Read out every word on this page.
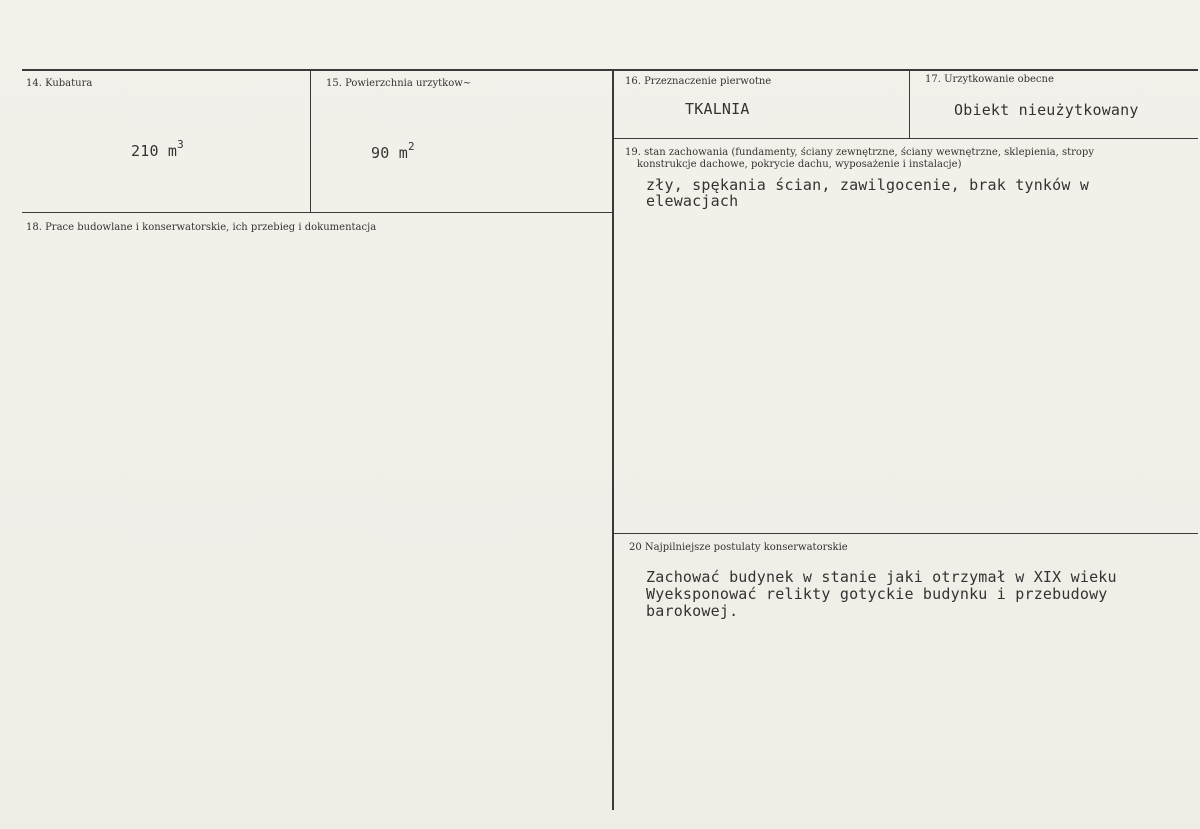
14. Kubatura
210 $m^3$
15. Powierzchnia urzytkow~
90 $m^2$
16. Przeznaczenie pierwotne
TKALNIA
17. Urzytkowanie obecne
Obiekt nieużytkowany
18. Prace budowlane i konserwatorskie, ich przebieg i dokumentacja
19. stan zachowania (fundamenty, ściany zewnętrzne, ściany wewnętrzne, sklepienia, stropy
konstrukcje dachowe, pokrycie dachu, wyposażenie i instalacje)
zły, spękania ścian, zawilgocenie, brak tynków w
elewacjach
20 Najpilniejsze postulaty konserwatorskie
Zachować budynek w stanie jaki otrzymał w XIX wieku
Wyeksponować relikty gotyckie budynku i przebudowy
barokowej.
